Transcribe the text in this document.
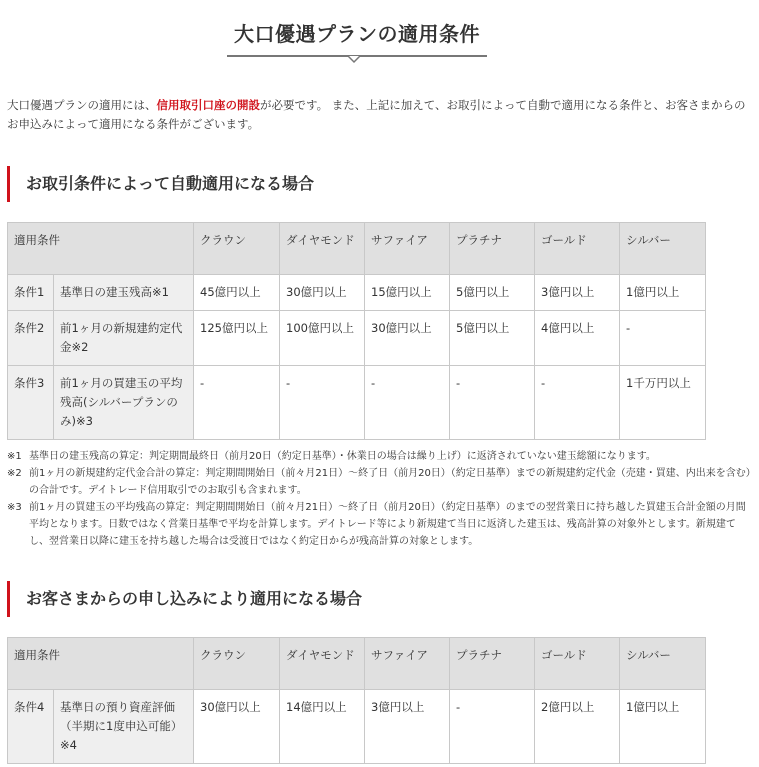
大口優遇プランの適用条件

大口優遇プランの適用には、信用取引口座の開設が必要です。 また、上記に加えて、お取引によって自動で適用になる条件と、お客さまからのお申込みによって適用になる条件がございます。

お取引条件によって自動適用になる場合
適用条件		クラウン	ダイヤモンド	サファイア	プラチナ	ゴールド	シルバー
条件1	基準日の建玉残高※1	45億円以上	30億円以上	15億円以上	5億円以上	3億円以上	1億円以上
条件2	前1ヶ月の新規建約定代金※2	125億円以上	100億円以上	30億円以上	5億円以上	4億円以上	-
条件3	前1ヶ月の買建玉の平均残高(シルバープランのみ)※3	-	-	-	-	-	1千万円以上
※1 基準日の建玉残高の算定：判定期間最終日（前月20日（約定日基準）・休業日の場合は繰り上げ）に返済されていない建玉総額になります。
※2 前1ヶ月の新規建約定代金合計の算定：判定期間開始日（前々月21日）～終了日（前月20日）（約定日基準）までの新規建約定代金（売建・買建、内出来を含む）の合計です。デイトレード信用取引でのお取引も含まれます。
※3 前1ヶ月の買建玉の平均残高の算定：判定期間開始日（前々月21日）～終了日（前月20日）（約定日基準）のまでの翌営業日に持ち越した買建玉合計金額の月間平均となります。日数ではなく営業日基準で平均を計算します。デイトレード等により新規建て当日に返済した建玉は、残高計算の対象外とします。新規建てし、翌営業日以降に建玉を持ち越した場合は受渡日ではなく約定日からが残高計算の対象とします。
お客さまからの申し込みにより適用になる場合
適用条件		クラウン	ダイヤモンド	サファイア	プラチナ	ゴールド	シルバー
条件4	基準日の預り資産評価（半期に1度申込可能）※4	30億円以上	14億円以上	3億円以上	-	2億円以上	1億円以上
